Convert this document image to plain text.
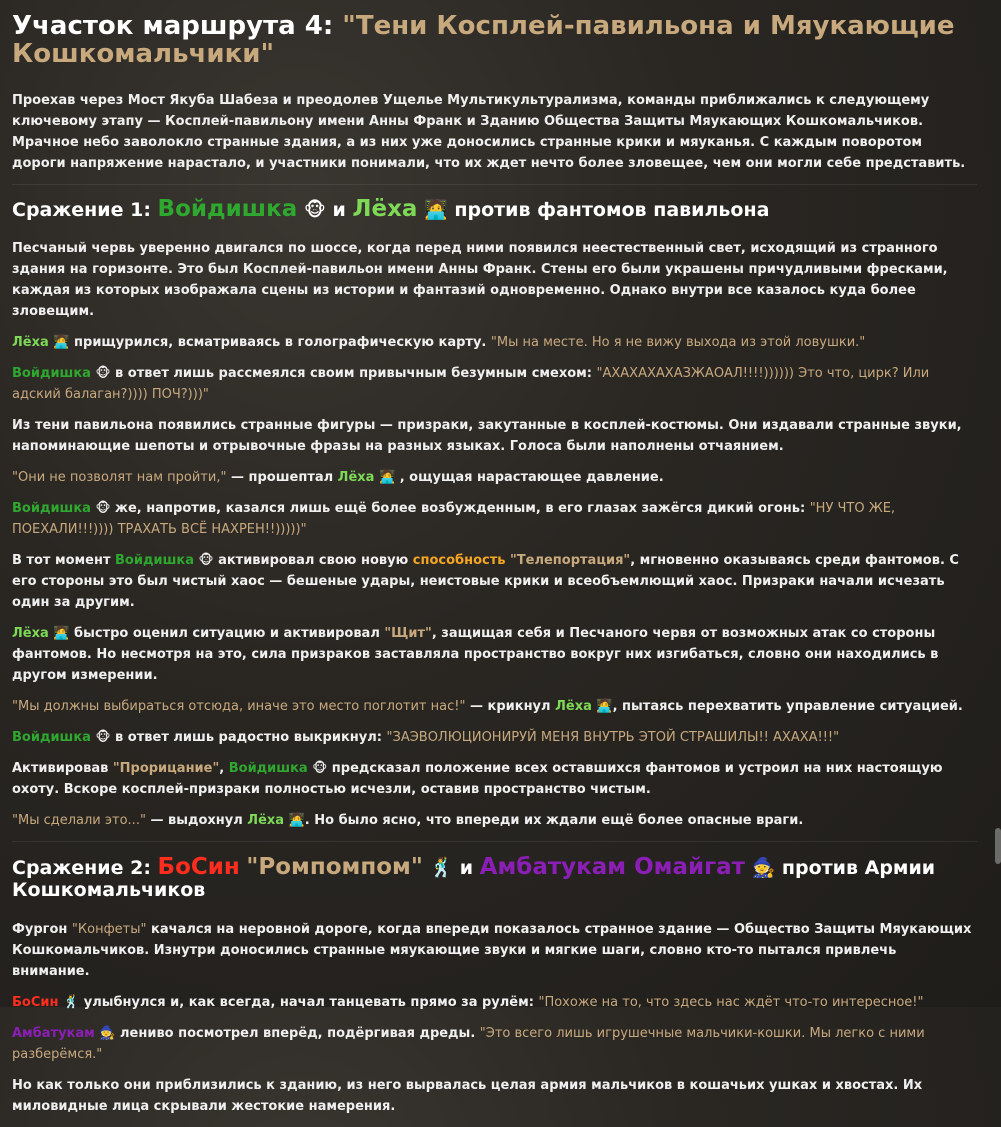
Участок маршрута 4: "Тени Косплей-павильона и Мяукающие Кошкомальчики"

Проехав через Мост Якуба Шабеза и преодолев Ущелье Мультикультурализма, команды приближались к следующему ключевому этапу — Косплей-павильону имени Анны Франк и Зданию Общества Защиты Мяукающих Кошкомальчиков. Мрачное небо заволокло странные здания, а из них уже доносились странные крики и мяуканья. С каждым поворотом дороги напряжение нарастало, и участники понимали, что их ждет нечто более зловещее, чем они могли себе представить.

Сражение 1: Войдишка 🐵 и Лёха 🧑‍💻 против фантомов павильона

Песчаный червь уверенно двигался по шоссе, когда перед ними появился неестественный свет, исходящий из странного здания на горизонте. Это был Косплей-павильон имени Анны Франк. Стены его были украшены причудливыми фресками, каждая из которых изображала сцены из истории и фантазий одновременно. Однако внутри все казалось куда более зловещим.

Лёха 🧑‍💻 прищурился, всматриваясь в голографическую карту. "Мы на месте. Но я не вижу выхода из этой ловушки."

Войдишка 🐵 в ответ лишь рассмеялся своим привычным безумным смехом: "АХАХАХАХАЗЖАОАЛ!!!!)))))) Это что, цирк? Или адский балаган?)))) ПОЧ?)))"

Из тени павильона появились странные фигуры — призраки, закутанные в косплей-костюмы. Они издавали странные звуки, напоминающие шепоты и отрывочные фразы на разных языках. Голоса были наполнены отчаянием.

"Они не позволят нам пройти," — прошептал Лёха 🧑‍💻 , ощущая нарастающее давление.

Войдишка 🐵 же, напротив, казался лишь ещё более возбужденным, в его глазах зажёгся дикий огонь: "НУ ЧТО ЖЕ, ПОЕХАЛИ!!!)))) ТРАХАТЬ ВСЁ НАХРЕН!!)))))"

В тот момент Войдишка 🐵 активировал свою новую способность "Телепортация", мгновенно оказываясь среди фантомов. С его стороны это был чистый хаос — бешеные удары, неистовые крики и всеобъемлющий хаос. Призраки начали исчезать один за другим.

Лёха 🧑‍💻 быстро оценил ситуацию и активировал "Щит", защищая себя и Песчаного червя от возможных атак со стороны фантомов. Но несмотря на это, сила призраков заставляла пространство вокруг них изгибаться, словно они находились в другом измерении.

"Мы должны выбираться отсюда, иначе это место поглотит нас!" — крикнул Лёха 🧑‍💻, пытаясь перехватить управление ситуацией.

Войдишка 🐵 в ответ лишь радостно выкрикнул: "ЗАЭВОЛЮЦИОНИРУЙ МЕНЯ ВНУТРЬ ЭТОЙ СТРАШИЛЫ!! АХАХА!!!"

Активировав "Прорицание", Войдишка 🐵 предсказал положение всех оставшихся фантомов и устроил на них настоящую охоту. Вскоре косплей-призраки полностью исчезли, оставив пространство чистым.

"Мы сделали это..." — выдохнул Лёха 🧑‍💻. Но было ясно, что впереди их ждали ещё более опасные враги.

Сражение 2: БоСин "Ромпомпом" 🕺 и Амбатукам Омайгат 🧙 против Армии Кошкомальчиков

Фургон "Конфеты" качался на неровной дороге, когда впереди показалось странное здание — Общество Защиты Мяукающих Кошкомальчиков. Изнутри доносились странные мяукающие звуки и мягкие шаги, словно кто-то пытался привлечь внимание.

БоСин 🕺 улыбнулся и, как всегда, начал танцевать прямо за рулём: "Похоже на то, что здесь нас ждёт что-то интересное!"

Амбатукам 🧙 лениво посмотрел вперёд, подёргивая дреды. "Это всего лишь игрушечные мальчики-кошки. Мы легко с ними разберёмся."

Но как только они приблизились к зданию, из него вырвалась целая армия мальчиков в кошачьих ушках и хвостах. Их миловидные лица скрывали жестокие намерения.
